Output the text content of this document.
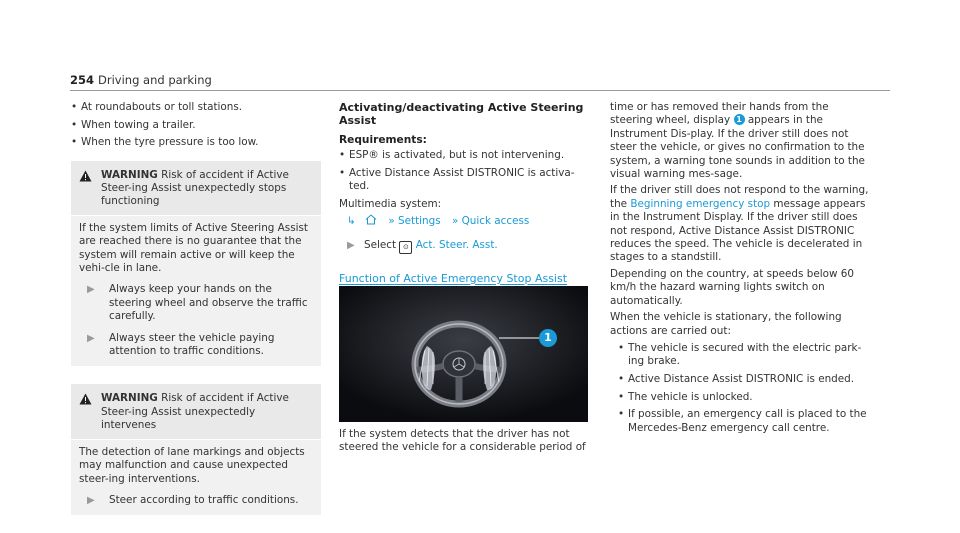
254 Driving and parking
• At roundabouts or toll stations.
• When towing a trailer.
• When the tyre pressure is too low.
WARNING Risk of accident if Active Steer-ing Assist unexpectedly stops functioning
If the system limits of Active Steering Assist are reached there is no guarantee that the system will remain active or will keep the vehi-cle in lane.
▶	Always keep your hands on the steering wheel and observe the traffic carefully.
▶	Always steer the vehicle paying attention to traffic conditions.
WARNING Risk of accident if Active Steer-ing Assist unexpectedly intervenes
The detection of lane markings and objects may malfunction and cause unexpected steer-ing interventions.
▶	Steer according to traffic conditions.
Activating/deactivating Active Steering Assist
Requirements:
• ESP® is activated, but is not intervening.
• Active Distance Assist DISTRONIC is activa-ted.
Multimedia system:
↳	» Settings » Quick access
▶ Select ⊙ Act. Steer. Asst.
Function of Active Emergency Stop Assist
1
If the system detects that the driver has not steered the vehicle for a considerable period of
time or has removed their hands from the steering wheel, display 1 appears in the Instrument Dis-play. If the driver still does not steer the vehicle, or gives no confirmation to the system, a warning tone sounds in addition to the visual warning mes-sage.
If the driver still does not respond to the warning, the Beginning emergency stop message appears in the Instrument Display. If the driver still does not respond, Active Distance Assist DISTRONIC reduces the speed. The vehicle is decelerated in stages to a standstill.
Depending on the country, at speeds below 60 km/h the hazard warning lights switch on automatically.
When the vehicle is stationary, the following actions are carried out:
• The vehicle is secured with the electric park-ing brake.
• Active Distance Assist DISTRONIC is ended.
• The vehicle is unlocked.
• If possible, an emergency call is placed to the Mercedes-Benz emergency call centre.
